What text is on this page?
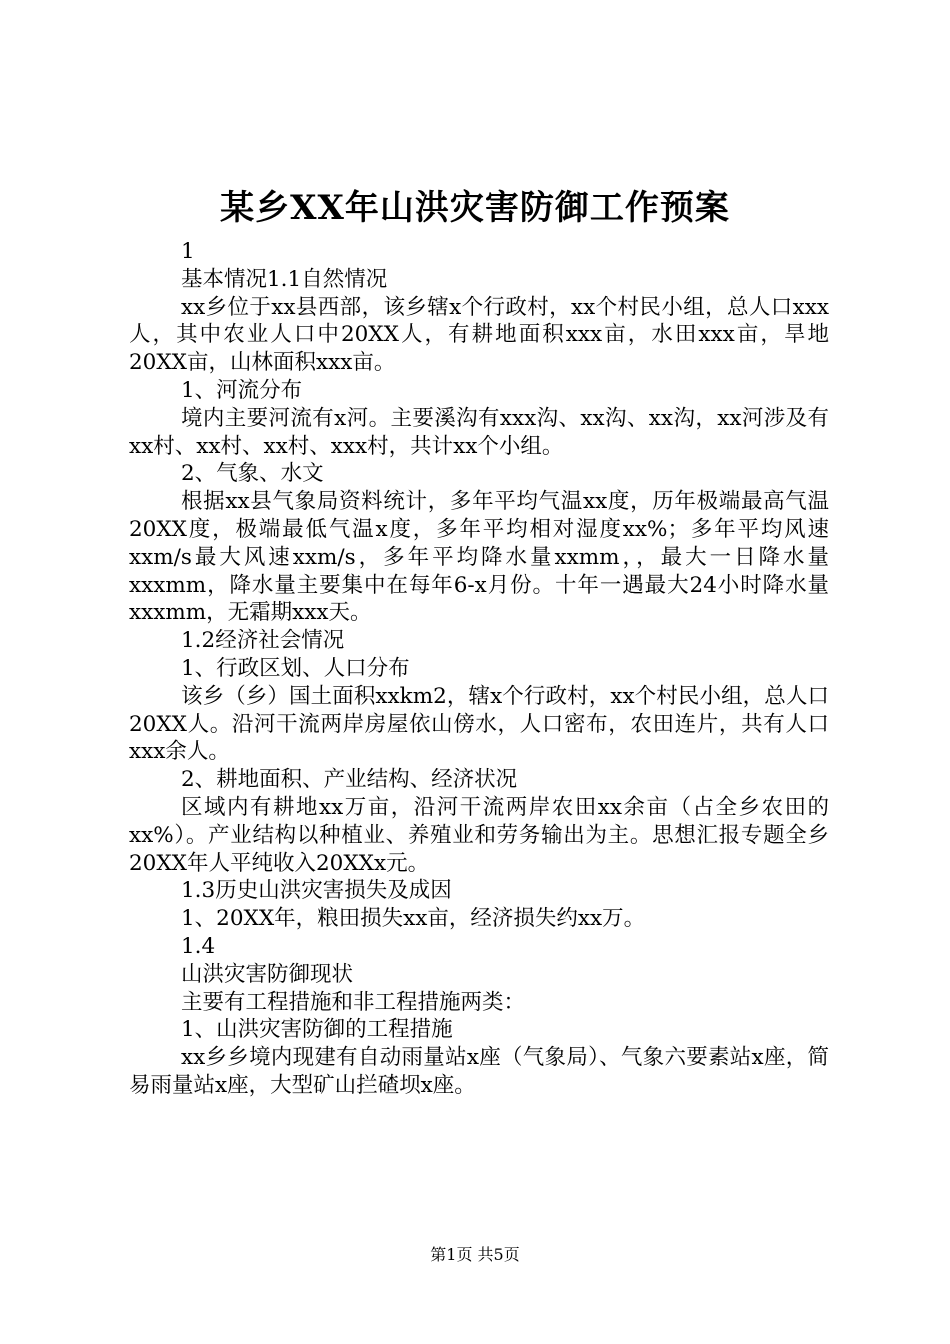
某乡XX年山洪灾害防御工作预案

1

基本情况1.1自然情况

xx乡位于xx县西部，该乡辖x个行政村，xx个村民小组，总人口xxx人，其中农业人口中20XX人，有耕地面积xxx亩，水田xxx亩，旱地20XX亩，山林面积xxx亩。

1、河流分布

境内主要河流有x河。主要溪沟有xxx沟、xx沟、xx沟，xx河涉及有xx村、xx村、xx村、xxx村，共计xx个小组。

2、气象、水文

根据xx县气象局资料统计，多年平均气温xx度，历年极端最高气温20XX度，极端最低气温x度，多年平均相对湿度xx%；多年平均风速xxm/s最大风速xxm/s，多年平均降水量xxmm，，最大一日降水量xxxmm，降水量主要集中在每年6-x月份。十年一遇最大24小时降水量xxxmm，无霜期xxx天。

1.2经济社会情况

1、行政区划、人口分布

该乡（乡）国土面积xxkm2，辖x个行政村，xx个村民小组，总人口20XX人。沿河干流两岸房屋依山傍水，人口密布，农田连片，共有人口xxx余人。

2、耕地面积、产业结构、经济状况

区域内有耕地xx万亩，沿河干流两岸农田xx余亩（占全乡农田的xx%）。产业结构以种植业、养殖业和劳务输出为主。思想汇报专题全乡20XX年人平纯收入20XXx元。

1.3历史山洪灾害损失及成因

1、20XX年，粮田损失xx亩，经济损失约xx万。

1.4

山洪灾害防御现状

主要有工程措施和非工程措施两类：

1、山洪灾害防御的工程措施

xx乡乡境内现建有自动雨量站x座（气象局）、气象六要素站x座，简易雨量站x座，大型矿山拦碴坝x座。

第1页 共5页
